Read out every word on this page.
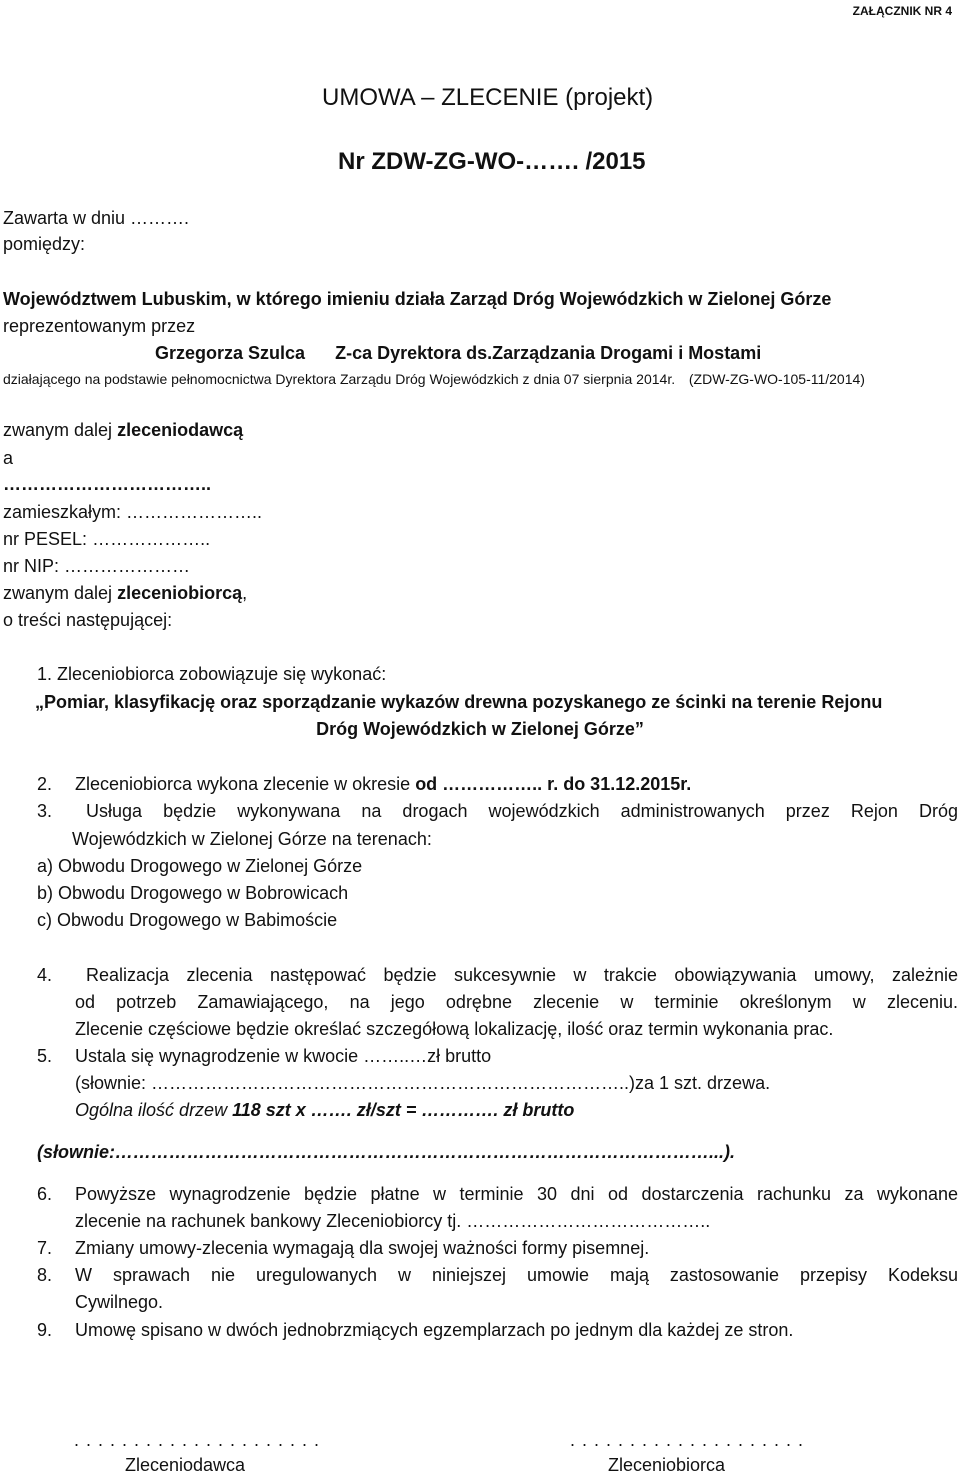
ZAŁĄCZNIK NR 4
UMOWA – ZLECENIE (projekt)
Nr ZDW-ZG-WO-……. /2015
Zawarta w dniu ……….
pomiędzy:
Województwem Lubuskim, w którego imieniu działa Zarząd Dróg Wojewódzkich w Zielonej Górze
reprezentowanym przez
Grzegorza Szulca Z-ca Dyrektora ds.Zarządzania Drogami i Mostami
działającego na podstawie pełnomocnictwa Dyrektora Zarządu Dróg Wojewódzkich z dnia 07 sierpnia 2014r. (ZDW-ZG-WO-105-11/2014)
zwanym dalej zleceniodawcą
a
……………………………..
zamieszkałym: …………………..
nr PESEL: ………………..
nr NIP: …………………
zwanym dalej zleceniobiorcą,
o treści następującej:
1. Zleceniobiorca zobowiązuje się wykonać:
„Pomiar, klasyfikację oraz sporządzanie wykazów drewna pozyskanego ze ścinki na terenie Rejonu
Dróg Wojewódzkich w Zielonej Górze”
2. Zleceniobiorca wykona zlecenie w okresie od …………….. r. do 31.12.2015r.
3. Usługa będzie wykonywana na drogach wojewódzkich administrowanych przez Rejon Dróg
Wojewódzkich w Zielonej Górze na terenach:
a) Obwodu Drogowego w Zielonej Górze
b) Obwodu Drogowego w Bobrowicach
c) Obwodu Drogowego w Babimoście
4. Realizacja zlecenia następować będzie sukcesywnie w trakcie obowiązywania umowy, zależnie
od potrzeb Zamawiającego, na jego odrębne zlecenie w terminie określonym w zleceniu.
Zlecenie częściowe będzie określać szczegółową lokalizację, ilość oraz termin wykonania prac.
5. Ustala się wynagrodzenie w kwocie ……..…zł brutto
(słownie: ……………………………………………………………………..)za 1 szt. drzewa.
Ogólna ilość drzew 118 szt x ……. zł/szt = …………. zł brutto
(słownie:………………………………………………………………………………………...).
6. Powyższe wynagrodzenie będzie płatne w terminie 30 dni od dostarczenia rachunku za wykonane
zlecenie na rachunek bankowy Zleceniobiorcy tj. …………………………………..
7. Zmiany umowy-zlecenia wymagają dla swojej ważności formy pisemnej.
8. W sprawach nie uregulowanych w niniejszej umowie mają zastosowanie przepisy Kodeksu
Cywilnego.
9. Umowę spisano w dwóch jednobrzmiących egzemplarzach po jednym dla każdej ze stron.
. . . . . . . . . . . . . . . . . . . . .
Zleceniodawca
. . . . . . . . . . . . . . . . . . . .
Zleceniobiorca
